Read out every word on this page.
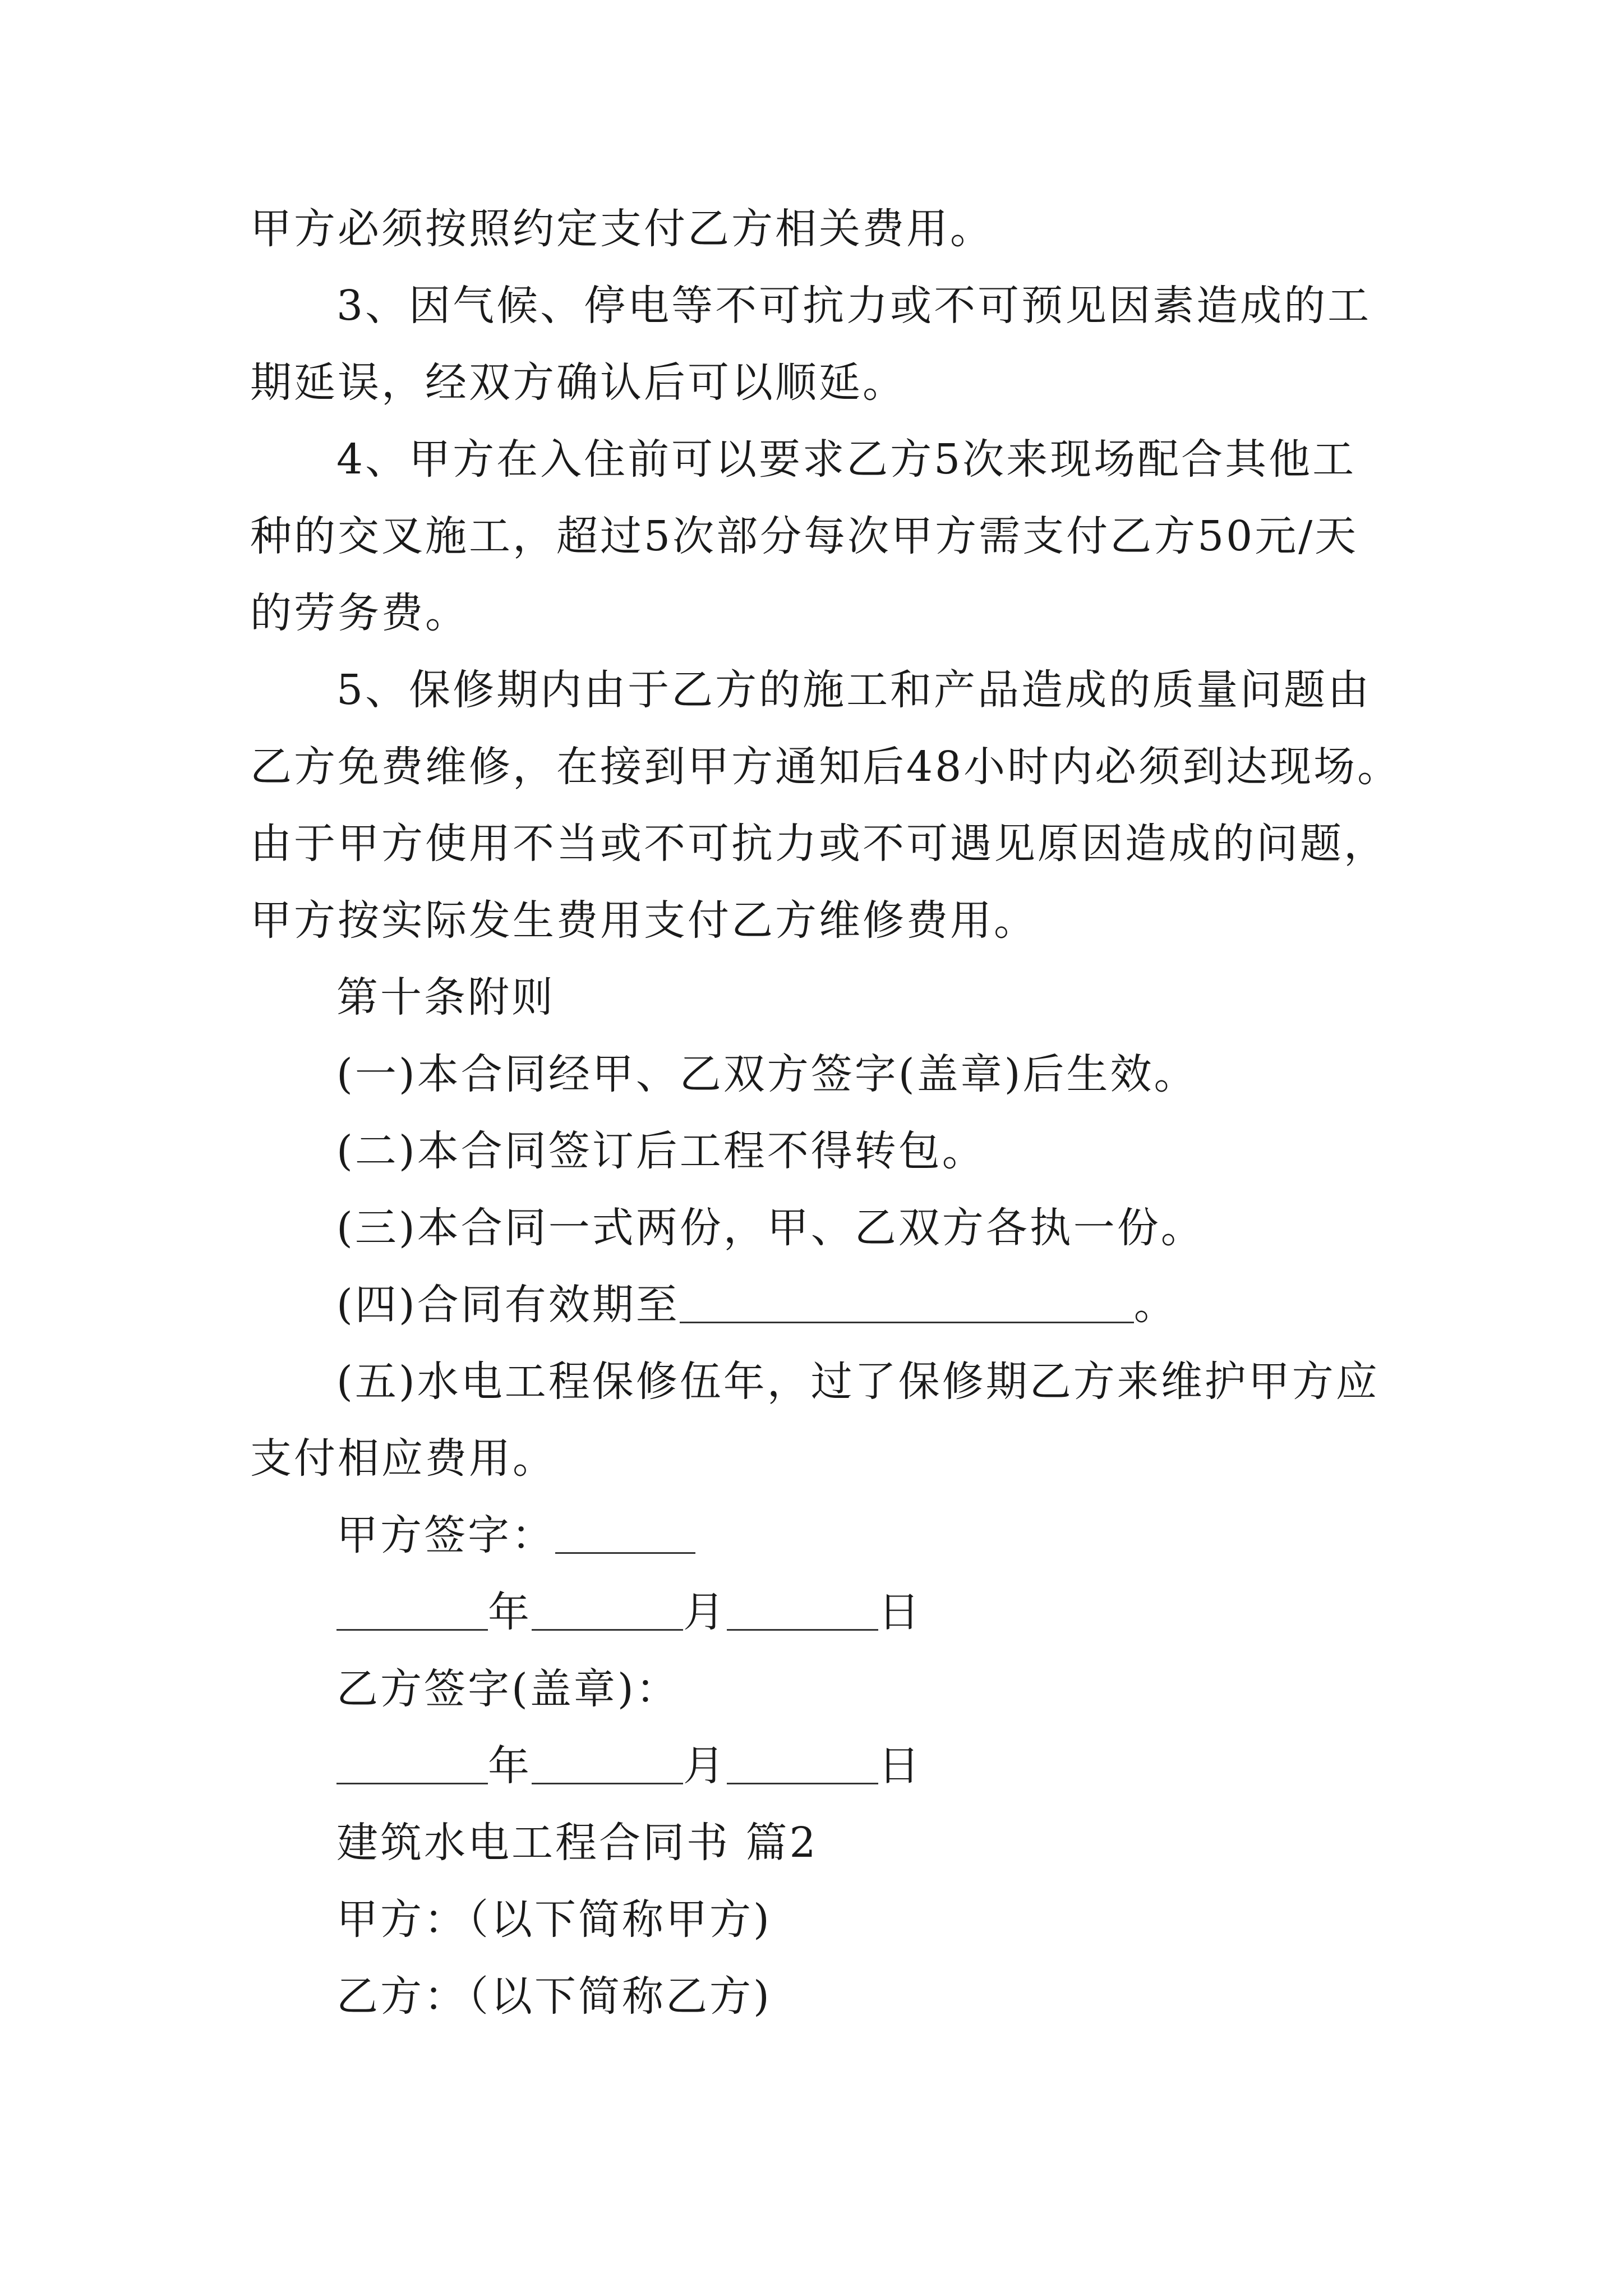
甲方必须按照约定支付乙方相关费用。
3、因气候、停电等不可抗力或不可预见因素造成的工
期延误，经双方确认后可以顺延。
4、甲方在入住前可以要求乙方5次来现场配合其他工
种的交叉施工，超过5次部分每次甲方需支付乙方50元/天
的劳务费。
5、保修期内由于乙方的施工和产品造成的质量问题由
乙方免费维修，在接到甲方通知后48小时内必须到达现场。
由于甲方使用不当或不可抗力或不可遇见原因造成的问题，
甲方按实际发生费用支付乙方维修费用。
第十条附则
(一)本合同经甲、乙双方签字(盖章)后生效。
(二)本合同签订后工程不得转包。
(三)本合同一式两份，甲、乙双方各执一份。
(四)合同有效期至	。
(五)水电工程保修伍年，过了保修期乙方来维护甲方应
支付相应费用。
甲方签字：
年	月	日
乙方签字(盖章)：
年	月	日
建筑水电工程合同书 篇2
甲方：（以下简称甲方)
乙方：（以下简称乙方)
